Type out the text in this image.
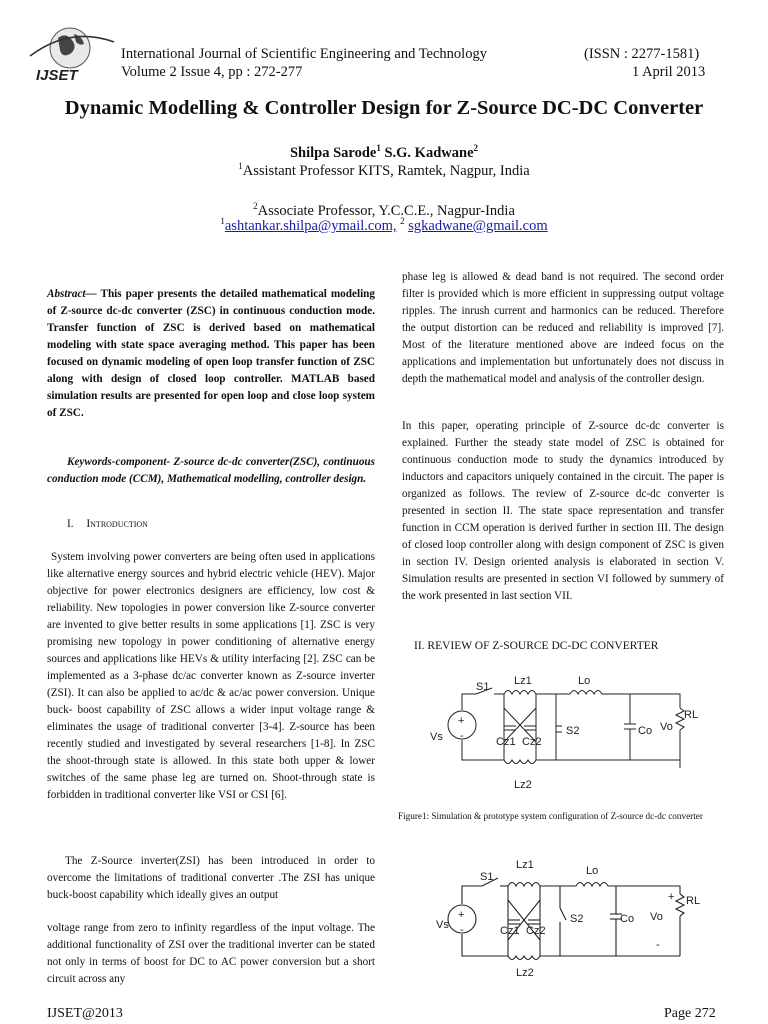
IJSET
International Journal of Scientific Engineering and Technology	(ISSN : 2277-1581)
Volume 2 Issue 4, pp : 272-277	1 April 2013
Dynamic Modelling & Controller Design for Z-Source DC-DC Converter
Shilpa Sarode$^1$ S.G. Kadwane$^2$
$^1$Assistant Professor KITS, Ramtek, Nagpur, India
$^2$Associate Professor, Y.C.C.E., Nagpur-India
$^1$ashtankar.shilpa@ymail.com, $^2$ sgkadwane@gmail.com

Abstract— This paper presents the detailed mathematical modeling of Z-source dc-dc converter (ZSC) in continuous conduction mode. Transfer function of ZSC is derived based on mathematical modeling with state space averaging method. This paper has been focused on dynamic modeling of open loop transfer function of ZSC along with design of closed loop controller. MATLAB based simulation results are presented for open loop and close loop system of ZSC.

Keywords-component- Z-source dc-dc converter(ZSC), continuous conduction mode (CCM), Mathematical modelling, controller design.

I. Introduction

System involving power converters are being often used in applications like alternative energy sources and hybrid electric vehicle (HEV). Major objective for power electronics designers are efficiency, low cost & reliability. New topologies in power conversion like Z-source converter are invented to give better results in some applications [1]. ZSC is very promising new topology in power conditioning of alternative energy sources and applications like HEVs & utility interfacing [2]. ZSC can be implemented as a 3-phase dc/ac converter known as Z-source inverter (ZSI). It can also be applied to ac/dc & ac/ac power conversion. Unique buck- boost capability of ZSC allows a wider input voltage range & eliminates the usage of traditional converter [3-4]. Z-source has been recently studied and investigated by several researchers [1-8]. In ZSC the shoot-through state is allowed. In this state both upper & lower switches of the same phase leg are turned on. Shoot-through state is forbidden in traditional converter like VSI or CSI [6].

The Z-Source inverter(ZSI) has been introduced in order to overcome the limitations of traditional converter .The ZSI has unique buck-boost capability which ideally gives an output

voltage range from zero to infinity regardless of the input voltage. The additional functionality of ZSI over the traditional inverter can be stated not only in terms of boost for DC to AC power conversion but a short circuit across any

phase leg is allowed & dead band is not required. The second order filter is provided which is more efficient in suppressing output voltage ripples. The inrush current and harmonics can be reduced. Therefore the output distortion can be reduced and reliability is improved [7]. Most of the literature mentioned above are indeed focus on the applications and implementation but unfortunately does not discuss in depth the mathematical model and analysis of the controller design.

In this paper, operating principle of Z-source dc-dc converter is explained. Further the steady state model of ZSC is obtained for continuous conduction mode to study the dynamics introduced by inductors and capacitors uniquely contained in the circuit. The paper is organized as follows. The review of Z-source dc-dc converter is presented in section II. The state space representation and transfer function in CCM operation is derived further in section III. The design of closed loop controller along with design component of ZSC is given in section IV. Design oriented analysis is elaborated in section V. Simulation results are presented in section VI followed by summery of the work presented in last section VII.

II. REVIEW OF Z-SOURCE DC-DC CONVERTER
Lz1	Lo
S1
RL
Vs	Cz1 Cz2
S2	Co Vo
Lz2
+
-
Figure1: Simulation & prototype system configuration of Z-source dc-dc converter
Lz1	Lo
S1
+ RL
Vs	Cz1 Cz2
S2	Co Vo
Lz2
+
-
-
IJSET@2013	Page 272
